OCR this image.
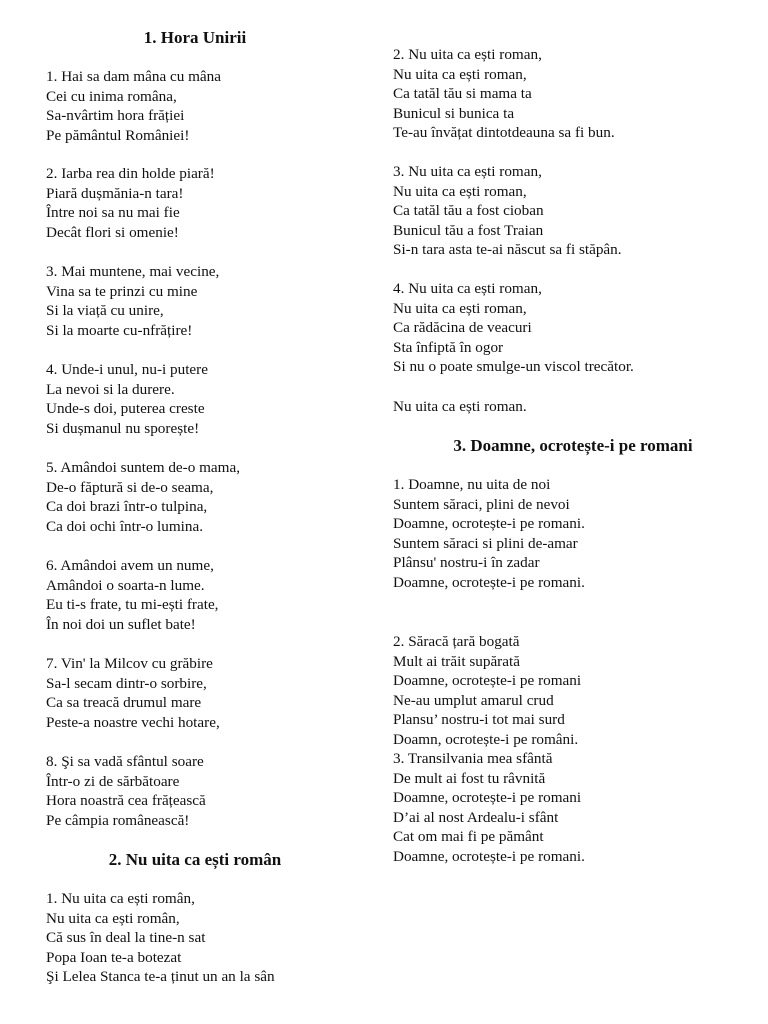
1. Hora Unirii

1. Hai sa dam mâna cu mâna
Cei cu inima româna,
Sa-nvârtim hora frăției
Pe pământul României!

2. Iarba rea din holde piară!
Piară dușmănia-n tara!
Între noi sa nu mai fie
Decât flori si omenie!

3. Mai muntene, mai vecine,
Vina sa te prinzi cu mine
Si la viață cu unire,
Si la moarte cu-nfrățire!

4. Unde-i unul, nu-i putere
La nevoi si la durere.
Unde-s doi, puterea creste
Si dușmanul nu sporește!

5. Amândoi suntem de-o mama,
De-o făptură si de-o seama,
Ca doi brazi într-o tulpina,
Ca doi ochi într-o lumina.

6. Amândoi avem un nume,
Amândoi o soarta-n lume.
Eu ti-s frate, tu mi-ești frate,
În noi doi un suflet bate!

7. Vin' la Milcov cu grăbire
Sa-l secam dintr-o sorbire,
Ca sa treacă drumul mare
Peste-a noastre vechi hotare,

8. Şi sa vadă sfântul soare
Într-o zi de sărbătoare
Hora noastră cea frățească
Pe câmpia românească!

2. Nu uita ca ești român

1. Nu uita ca ești român,
Nu uita ca ești român,
Că sus în deal la tine-n sat
Popa Ioan te-a botezat
Şi Lelea Stanca te-a ținut un an la sân

2. Nu uita ca ești roman,
Nu uita ca ești roman,
Ca tatăl tău si mama ta
Bunicul si bunica ta
Te-au învățat dintotdeauna sa fi bun.

3. Nu uita ca ești roman,
Nu uita ca ești roman,
Ca tatăl tău a fost cioban
Bunicul tău a fost Traian
Si-n tara asta te-ai născut sa fi stăpân.

4. Nu uita ca ești roman,
Nu uita ca ești roman,
Ca rădăcina de veacuri
Sta înfiptă în ogor
Si nu o poate smulge-un viscol trecător.

Nu uita ca ești roman.

3. Doamne, ocrotește-i pe romani

1. Doamne, nu uita de noi
Suntem săraci, plini de nevoi
Doamne, ocrotește-i pe romani.
Suntem săraci si plini de-amar
Plânsu' nostru-i în zadar
Doamne, ocrotește-i pe romani.

2. Săracă țară bogată
Mult ai trăit supărată
Doamne, ocrotește-i pe romani
Ne-au umplut amarul crud
Plansu’ nostru-i tot mai surd
Doamn, ocrotește-i pe români.

3. Transilvania mea sfântă
De mult ai fost tu râvnită
Doamne, ocrotește-i pe romani
D’ai al nost Ardealu-i sfânt
Cat om mai fi pe pământ
Doamne, ocrotește-i pe romani.
